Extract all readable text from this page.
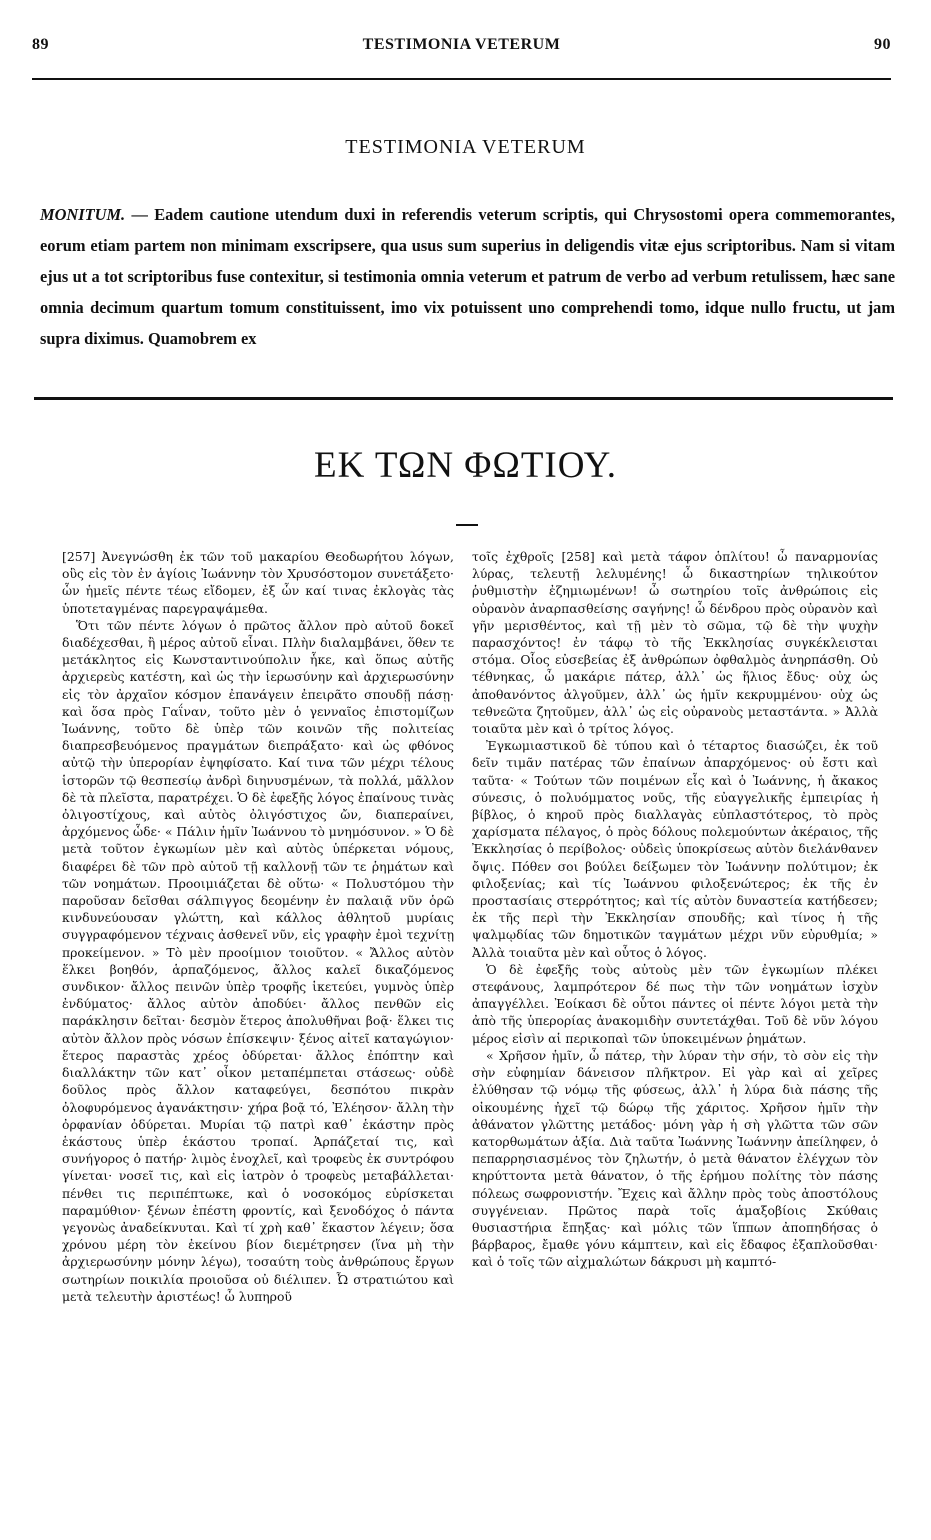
89	TESTIMONIA VETERUM	90
TESTIMONIA VETERUM
MONITUM. — Eadem cautione utendum duxi in referendis veterum scriptis, qui Chrysostomi opera commemorantes, eorum etiam partem non minimam exscripsere, qua usus sum superius in deligendis vitæ ejus scriptoribus. Nam si vitam ejus ut a tot scriptoribus fuse contexitur, si testimonia omnia veterum et patrum de verbo ad verbum retulissem, hæc sane omnia decimum quartum tomum constituissent, imo vix potuissent uno comprehendi tomo, idque nullo fructu, ut jam supra diximus. Quamobrem ex
ΕΚ ΤΩΝ ΦΩΤΙΟΥ.

[257] Ἀνεγνώσθη ἐκ τῶν τοῦ μακαρίου Θεοδωρήτου λόγων, οὓς εἰς τὸν ἐν ἁγίοις Ἰωάννην τὸν Χρυσόστομον συνετάξετο· ὧν ἡμεῖς πέντε τέως εἴδομεν, ἐξ ὧν καί τινας ἐκλογὰς τὰς ὑποτεταγμένας παρεγραψάμεθα.

Ὅτι τῶν πέντε λόγων ὁ πρῶτος ἄλλον πρὸ αὐτοῦ δοκεῖ διαδέχεσθαι, ἢ μέρος αὐτοῦ εἶναι. Πλὴν διαλαμβάνει, ὅθεν τε μετάκλητος εἰς Κωνσταντινούπολιν ἧκε, καὶ ὅπως αὐτῆς ἀρχιερεὺς κατέστη, καὶ ὡς τὴν ἱερωσύνην καὶ ἀρχιερωσύνην εἰς τὸν ἀρχαῖον κόσμον ἐπανάγειν ἐπειρᾶτο σπουδῇ πάσῃ· καὶ ὅσα πρὸς Γαΐναν, τοῦτο μὲν ὁ γενναῖος ἐπιστομίζων Ἰωάννης, τοῦτο δὲ ὑπὲρ τῶν κοινῶν τῆς πολιτείας διαπρεσβευόμενος πραγμάτων διεπράξατο· καὶ ὡς φθόνος αὐτῷ τὴν ὑπερορίαν ἐψηφίσατο. Καί τινα τῶν μέχρι τέλους ἱστορῶν τῷ θεσπεσίῳ ἀνδρὶ διηνυσμένων, τὰ πολλά, μᾶλλον δὲ τὰ πλεῖστα, παρατρέχει. Ὁ δὲ ἐφεξῆς λόγος ἐπαίνους τινὰς ὀλιγοστίχους, καὶ αὐτὸς ὀλιγόστιχος ὤν, διαπεραίνει, ἀρχόμενος ὧδε· « Πάλιν ἡμῖν Ἰωάννου τὸ μνημόσυνον. » Ὁ δὲ μετὰ τοῦτον ἐγκωμίων μὲν καὶ αὐτὸς ὑπέρκεται νόμους, διαφέρει δὲ τῶν πρὸ αὐτοῦ τῇ καλλονῇ τῶν τε ῥημάτων καὶ τῶν νοημάτων. Προοιμιάζεται δὲ οὕτω· « Πολυστόμου τὴν παροῦσαν δεῖσθαι σάλπιγγος δεομένην ἐν παλαιᾷ νῦν ὁρῶ κινδυνεύουσαν γλώττη, καὶ κάλλος ἀθλητοῦ μυρίαις συγγραφόμενον τέχναις ἀσθενεῖ νῦν, εἰς γραφὴν ἐμοὶ τεχνίτῃ προκείμενον. » Τὸ μὲν προοίμιον τοιοῦτον. « Ἄλλος αὐτὸν ἕλκει βοηθόν, ἁρπαζόμενος, ἄλλος καλεῖ δικαζόμενος συνδικον· ἄλλος πεινῶν ὑπὲρ τροφῆς ἱκετεύει, γυμνὸς ὑπὲρ ἐνδύματος· ἄλλος αὐτὸν ἀποδύει· ἄλλος πενθῶν εἰς παράκλησιν δεῖται· δεσμὸν ἕτερος ἀπολυθῆναι βοᾷ· ἕλκει τις αὐτὸν ἄλλον πρὸς νόσων ἐπίσκεψιν· ξένος αἰτεῖ καταγώγιον· ἕτερος παραστὰς χρέος ὀδύρεται· ἄλλος ἐπόπτην καὶ διαλλάκτην τῶν κατ᾽ οἶκον μεταπέμπεται στάσεως· οὐδὲ δοῦλος πρὸς ἄλλον καταφεύγει, δεσπότου πικρὰν ὀλοφυρόμενος ἀγανάκτησιν· χήρα βοᾷ τό, Ἐλέησον· ἄλλη τὴν ὀρφανίαν ὀδύρεται. Μυρίαι τῷ πατρὶ καθ᾽ ἑκάστην πρὸς ἑκάστους ὑπὲρ ἑκάστου τροπαί. Ἁρπάζεταί τις, καὶ συνήγορος ὁ πατήρ· λιμὸς ἐνοχλεῖ, καὶ τροφεὺς ἐκ συντρόφου γίνεται· νοσεῖ τις, καὶ εἰς ἰατρὸν ὁ τροφεὺς μεταβάλλεται· πένθει τις περιπέπτωκε, καὶ ὁ νοσοκόμος εὑρίσκεται παραμύθιον· ξένων ἐπέστη φροντίς, καὶ ξενοδόχος ὁ πάντα γεγονὼς ἀναδείκνυται. Καὶ τί χρὴ καθ᾽ ἕκαστον λέγειν; ὅσα χρόνου μέρη τὸν ἐκείνου βίον διεμέτρησεν (ἵνα μὴ τὴν ἀρχιερωσύνην μόνην λέγω), τοσαύτη τοὺς ἀνθρώπους ἔργων σωτηρίων ποικιλία προιοῦσα οὐ διέλιπεν. Ὦ στρατιώτου καὶ μετὰ τελευτὴν ἀριστέως! ὦ λυπηροῦ

τοῖς ἐχθροῖς [258] καὶ μετὰ τάφον ὁπλίτου! ὦ παναρμονίας λύρας, τελευτῇ λελυμένης! ὦ δικαστηρίων τηλικούτον ῥυθμιστὴν ἐζημιωμένων! ὦ σωτηρίου τοῖς ἀνθρώποις εἰς οὐρανὸν ἀναρπασθείσης σαγήνης! ὦ δένδρου πρὸς οὐρανὸν καὶ γῆν μερισθέντος, καὶ τῇ μὲν τὸ σῶμα, τῷ δὲ τὴν ψυχὴν παρασχόντος! ἐν τάφῳ τὸ τῆς Ἐκκλησίας συγκέκλεισται στόμα. Οἷος εὐσεβείας ἐξ ἀνθρώπων ὀφθαλμὸς ἀνηρπάσθη. Οὐ τέθνηκας, ὦ μακάριε πάτερ, ἀλλ᾽ ὡς ἥλιος ἔδυς· οὐχ ὡς ἀποθανόντος ἀλγοῦμεν, ἀλλ᾽ ὡς ἡμῖν κεκρυμμένου· οὐχ ὡς τεθνεῶτα ζητοῦμεν, ἀλλ᾽ ὡς εἰς οὐρανοὺς μεταστάντα. » Ἀλλὰ τοιαῦτα μὲν καὶ ὁ τρίτος λόγος.

Ἐγκωμιαστικοῦ δὲ τύπου καὶ ὁ τέταρτος διασώζει, ἐκ τοῦ δεῖν τιμᾶν πατέρας τῶν ἐπαίνων ἀπαρχόμενος· οὐ ἔστι καὶ ταῦτα· « Τούτων τῶν ποιμένων εἷς καὶ ὁ Ἰωάννης, ἡ ἄκακος σύνεσις, ὁ πολυόμματος νοῦς, τῆς εὐαγγελικῆς ἐμπειρίας ἡ βίβλος, ὁ κηροῦ πρὸς διαλλαγὰς εὐπλαστότερος, τὸ πρὸς χαρίσματα πέλαγος, ὁ πρὸς δόλους πολεμούντων ἀκέραιος, τῆς Ἐκκλησίας ὁ περίβολος· οὐδεὶς ὑποκρίσεως αὐτὸν διελάνθανεν ὄψις. Πόθεν σοι βούλει δείξωμεν τὸν Ἰωάννην πολύτιμον; ἐκ φιλοξενίας; καὶ τίς Ἰωάννου φιλοξενώτερος; ἐκ τῆς ἐν προστασίαις στερρότητος; καὶ τίς αὐτὸν δυναστεία κατήδεσεν; ἐκ τῆς περὶ τὴν Ἐκκλησίαν σπουδῆς; καὶ τίνος ἡ τῆς ψαλμῳδίας τῶν δημοτικῶν ταγμάτων μέχρι νῦν εὐρυθμία; » Ἀλλὰ τοιαῦτα μὲν καὶ οὗτος ὁ λόγος.

Ὁ δὲ ἐφεξῆς τοὺς αὐτοὺς μὲν τῶν ἐγκωμίων πλέκει στεφάνους, λαμπρότερον δέ πως τὴν τῶν νοημάτων ἰσχὺν ἀπαγγέλλει. Ἐοίκασι δὲ οὗτοι πάντες οἱ πέντε λόγοι μετὰ τὴν ἀπὸ τῆς ὑπερορίας ἀνακομιδὴν συντετάχθαι. Τοῦ δὲ νῦν λόγου μέρος εἰσὶν αἱ περικοπαὶ τῶν ὑποκειμένων ῥημάτων.

« Χρῆσον ἡμῖν, ὦ πάτερ, τὴν λύραν τὴν σήν, τὸ σὸν εἰς τὴν σὴν εὐφημίαν δάνεισον πλῆκτρον. Εἰ γὰρ καὶ αἱ χεῖρες ἐλύθησαν τῷ νόμῳ τῆς φύσεως, ἀλλ᾽ ἡ λύρα διὰ πάσης τῆς οἰκουμένης ἠχεῖ τῷ δώρῳ τῆς χάριτος. Χρῆσον ἡμῖν τὴν ἀθάνατον γλῶττης μετάδος· μόνη γὰρ ἡ σὴ γλῶττα τῶν σῶν κατορθωμάτων ἀξία. Διὰ ταῦτα Ἰωάννης Ἰωάννην ἀπείληφεν, ὁ πεπαρρησιασμένος τὸν ζηλωτήν, ὁ μετὰ θάνατον ἐλέγχων τὸν κηρύττοντα μετὰ θάνατον, ὁ τῆς ἐρήμου πολίτης τὸν πάσης πόλεως σωφρονιστήν. Ἔχεις καὶ ἄλλην πρὸς τοὺς ἀποστόλους συγγένειαν. Πρῶτος παρὰ τοῖς ἁμαξοβίοις Σκύθαις θυσιαστήρια ἔπηξας· καὶ μόλις τῶν ἵππων ἀποπηδήσας ὁ βάρβαρος, ἔμαθε γόνυ κάμπτειν, καὶ εἰς ἔδαφος ἐξαπλοῦσθαι· καὶ ὁ τοῖς τῶν αἰχμαλώτων δάκρυσι μὴ καμπτό-
